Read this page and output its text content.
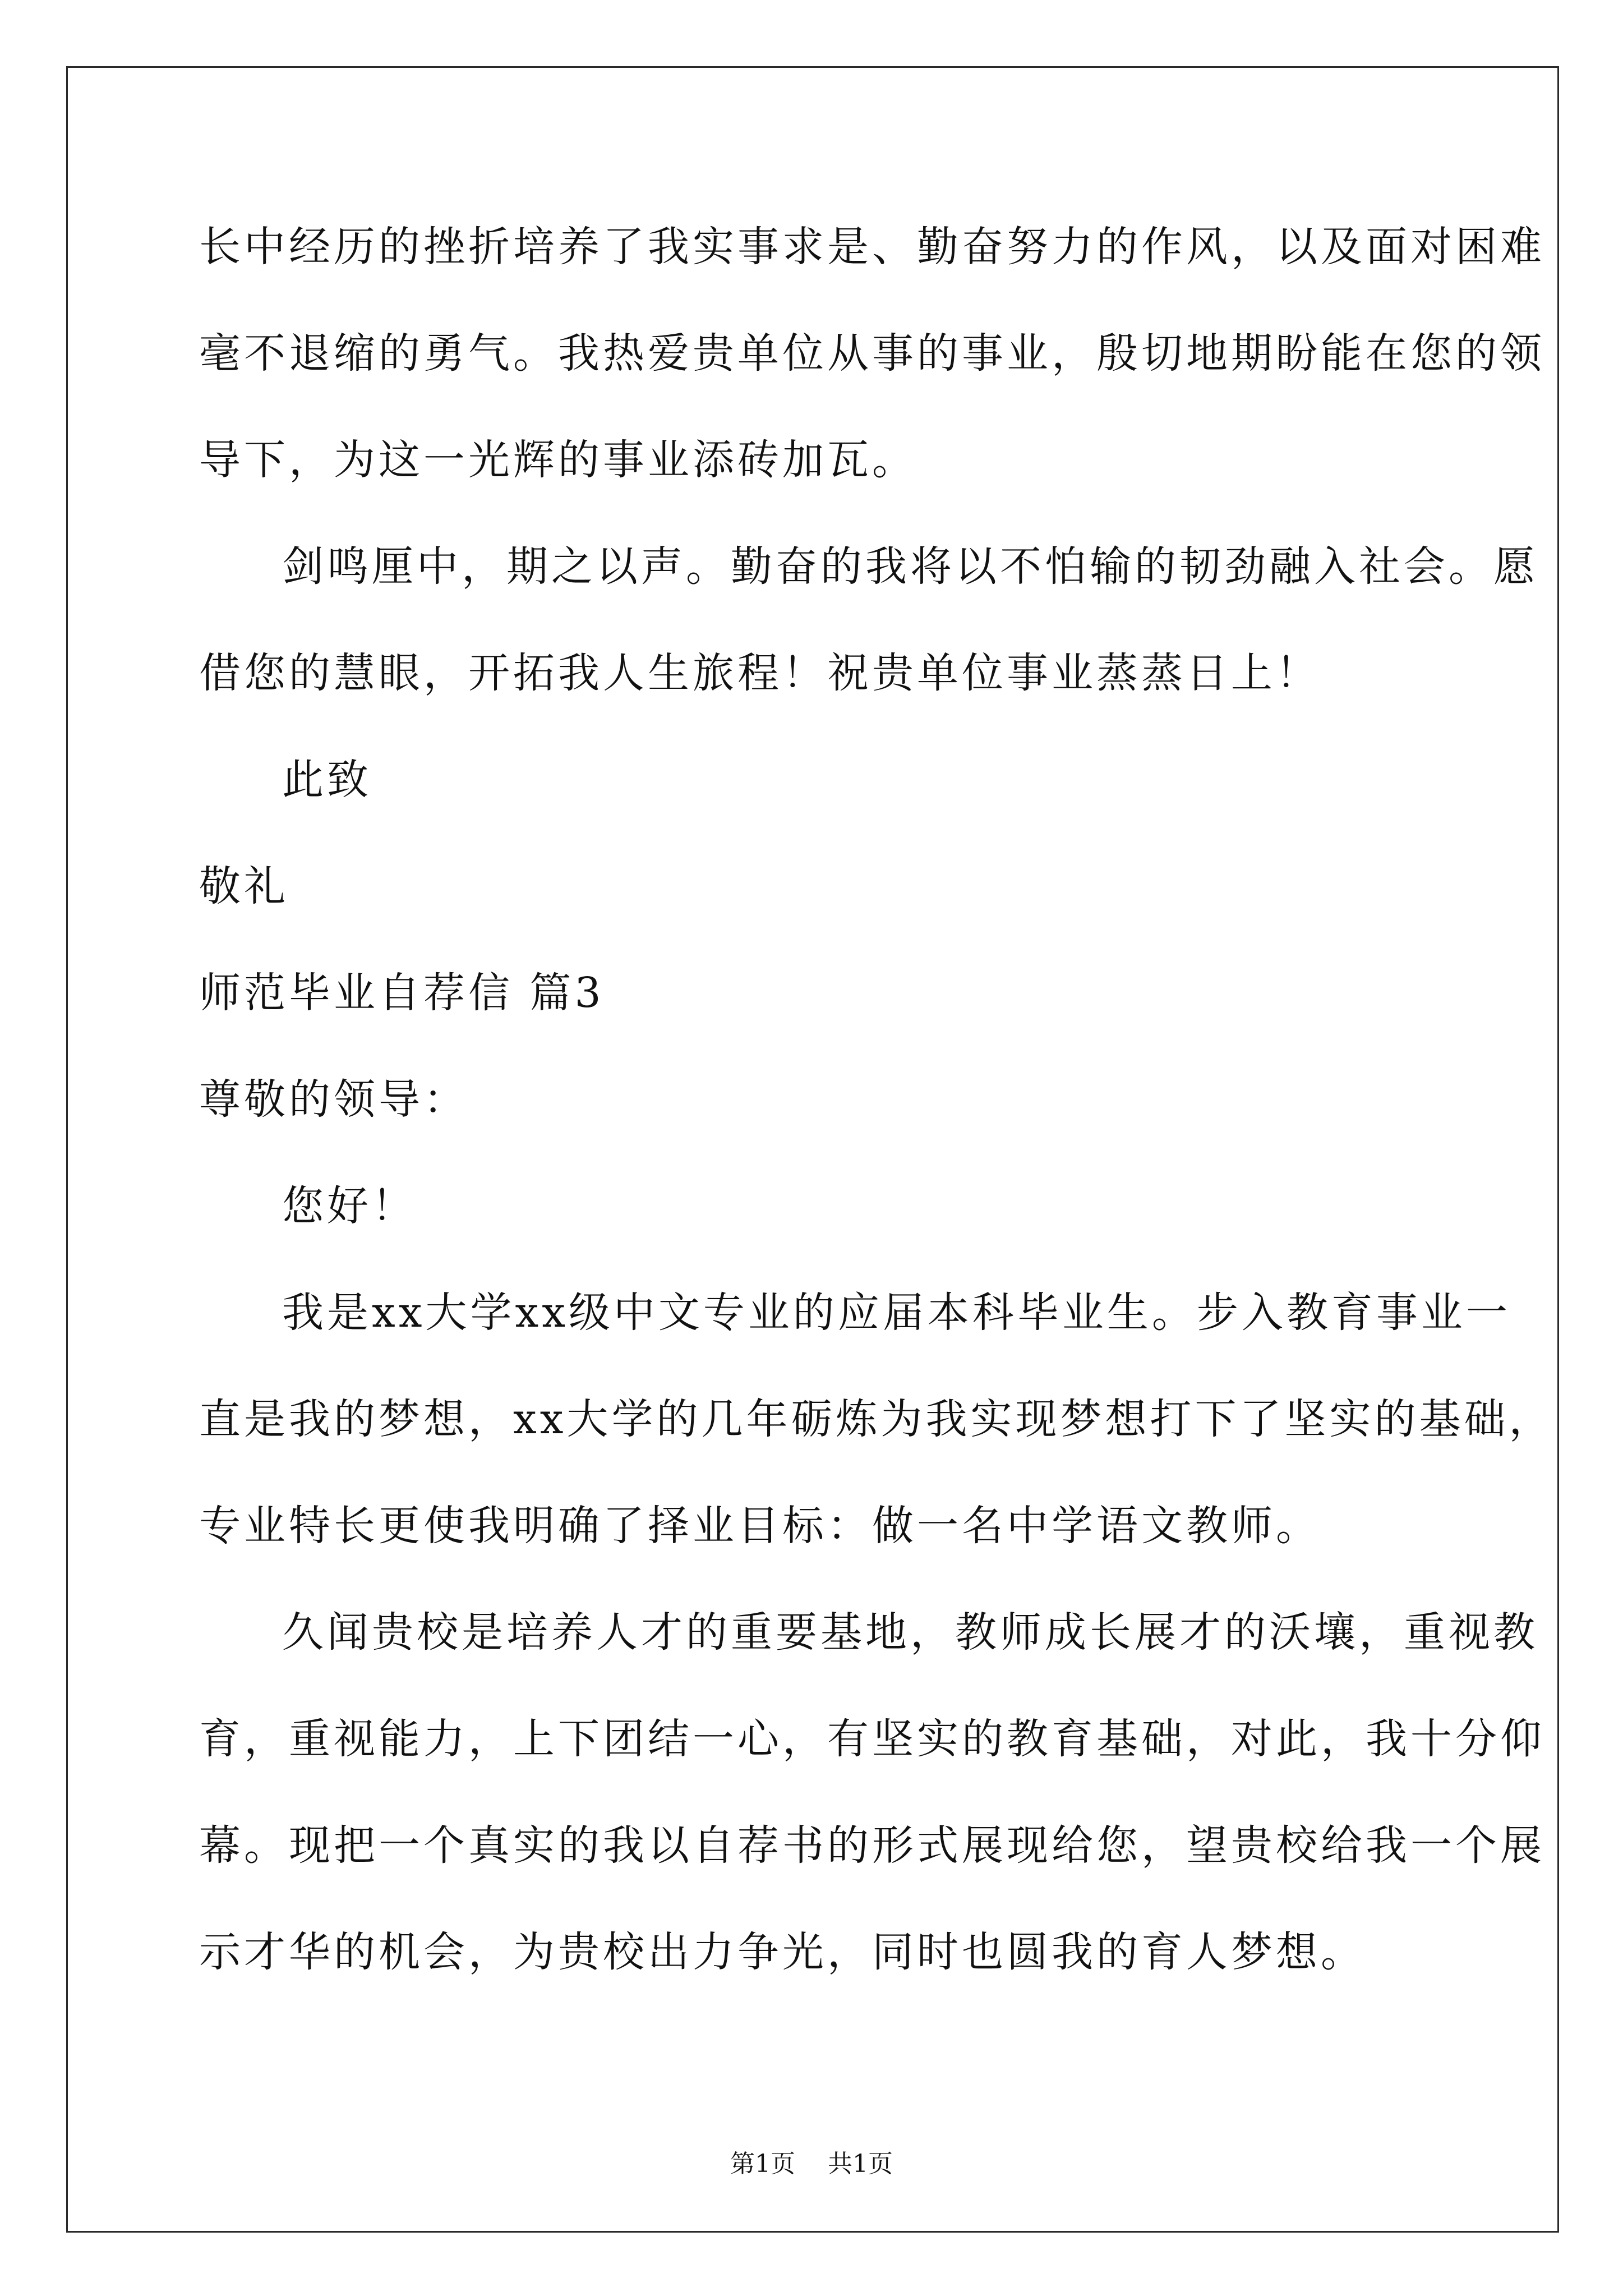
长中经历的挫折培养了我实事求是、勤奋努力的作风，以及面对困难
毫不退缩的勇气。我热爱贵单位从事的事业，殷切地期盼能在您的领
导下，为这一光辉的事业添砖加瓦。
剑鸣厘中，期之以声。勤奋的我将以不怕输的韧劲融入社会。愿
借您的慧眼，开拓我人生旅程！祝贵单位事业蒸蒸日上！
此致
敬礼
师范毕业自荐信 篇3
尊敬的领导：
您好！
我是xx大学xx级中文专业的应届本科毕业生。步入教育事业一
直是我的梦想，xx大学的几年砺炼为我实现梦想打下了坚实的基础，
专业特长更使我明确了择业目标：做一名中学语文教师。
久闻贵校是培养人才的重要基地，教师成长展才的沃壤，重视教
育，重视能力，上下团结一心，有坚实的教育基础，对此，我十分仰
幕。现把一个真实的我以自荐书的形式展现给您，望贵校给我一个展
示才华的机会，为贵校出力争光，同时也圆我的育人梦想。
第1页 共1页
